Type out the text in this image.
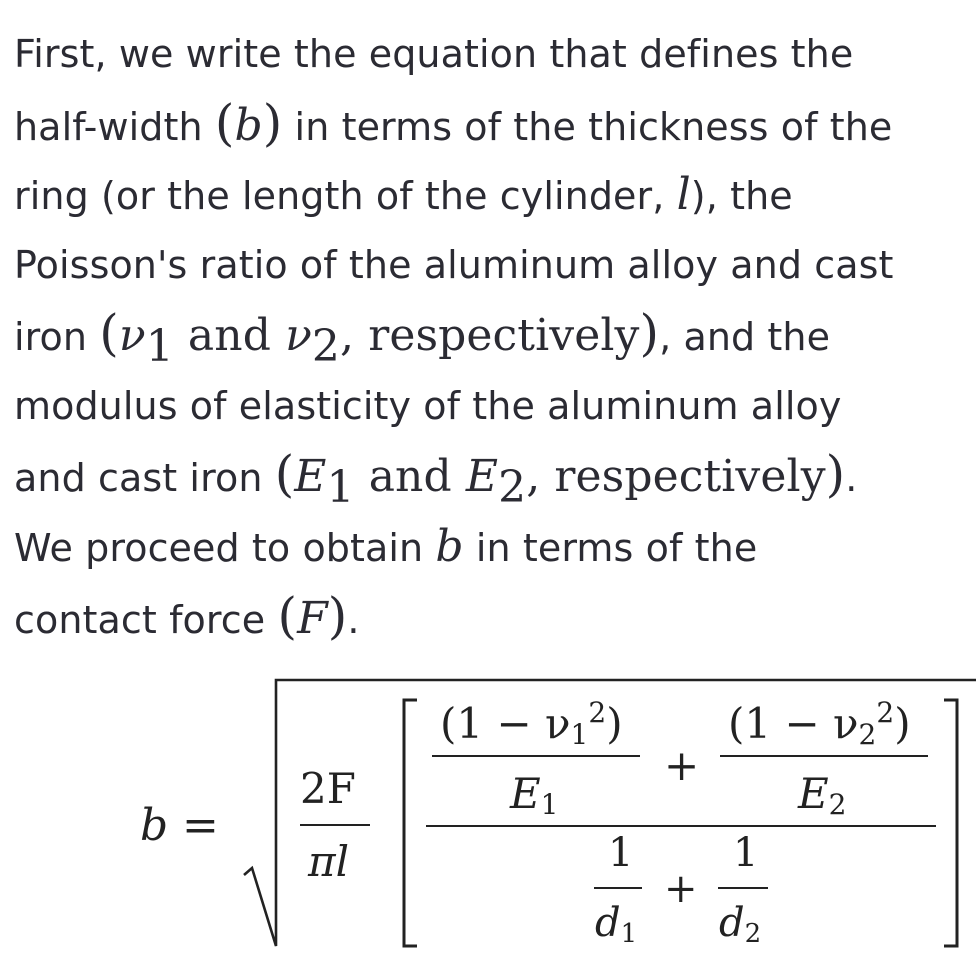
First, we write the equation that defines the
half-width (b) in terms of the thickness of the
ring (or the length of the cylinder, l), the
Poisson's ratio of the aluminum alloy and cast
iron ($\nu_1$ and $\nu_2$, respectively), and the
modulus of elasticity of the aluminum alloy
and cast iron ($E_1$ and $E_2$, respectively).
We proceed to obtain b in terms of the
contact force (F).
b =
2F
πl
$(1 - \nu 1^2)$
E1
+
$(1 - \nu 2^2)$
E2
1
d1
+
1
d2
